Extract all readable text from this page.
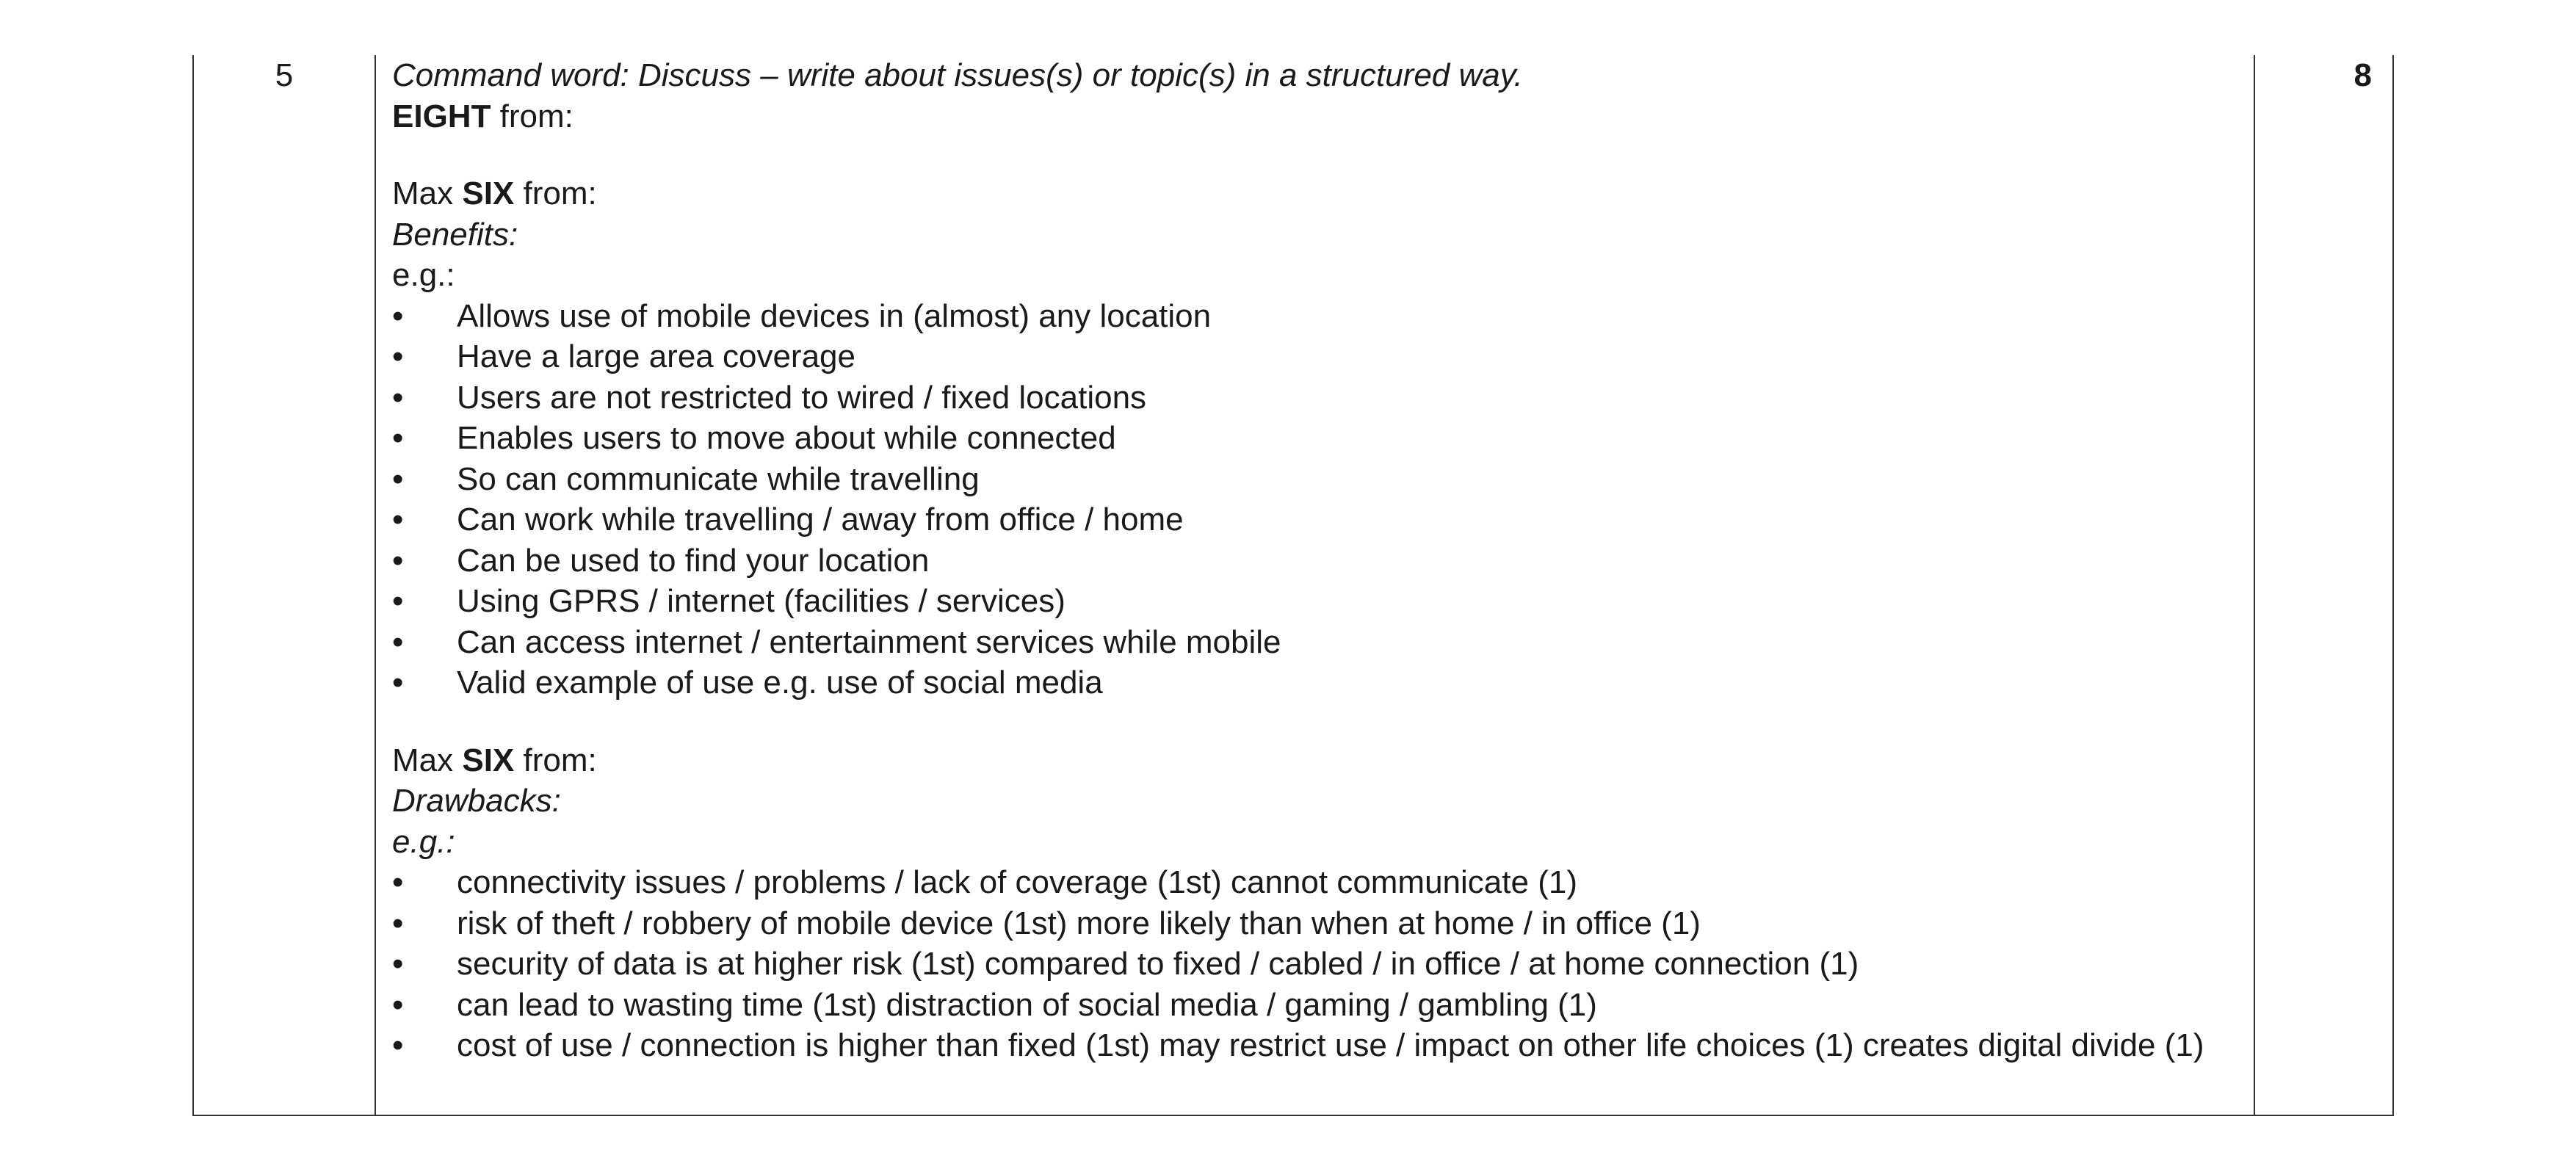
5	Command word: Discuss – write about issues(s) or topic(s) in a structured way.
EIGHT from:
Max SIX from:
Benefits:
e.g.:
• Allows use of mobile devices in (almost) any location
• Have a large area coverage
• Users are not restricted to wired / fixed locations
• Enables users to move about while connected
• So can communicate while travelling
• Can work while travelling / away from office / home
• Can be used to find your location
• Using GPRS / internet (facilities / services)
• Can access internet / entertainment services while mobile
• Valid example of use e.g. use of social media
Max SIX from:
Drawbacks:
e.g.:
• connectivity issues / problems / lack of coverage (1st) cannot communicate (1)
• risk of theft / robbery of mobile device (1st) more likely than when at home / in office (1)
• security of data is at higher risk (1st) compared to fixed / cabled / in office / at home connection (1)
• can lead to wasting time (1st) distraction of social media / gaming / gambling (1)
• cost of use / connection is higher than fixed (1st) may restrict use / impact on other life choices (1) creates digital divide (1)
8
